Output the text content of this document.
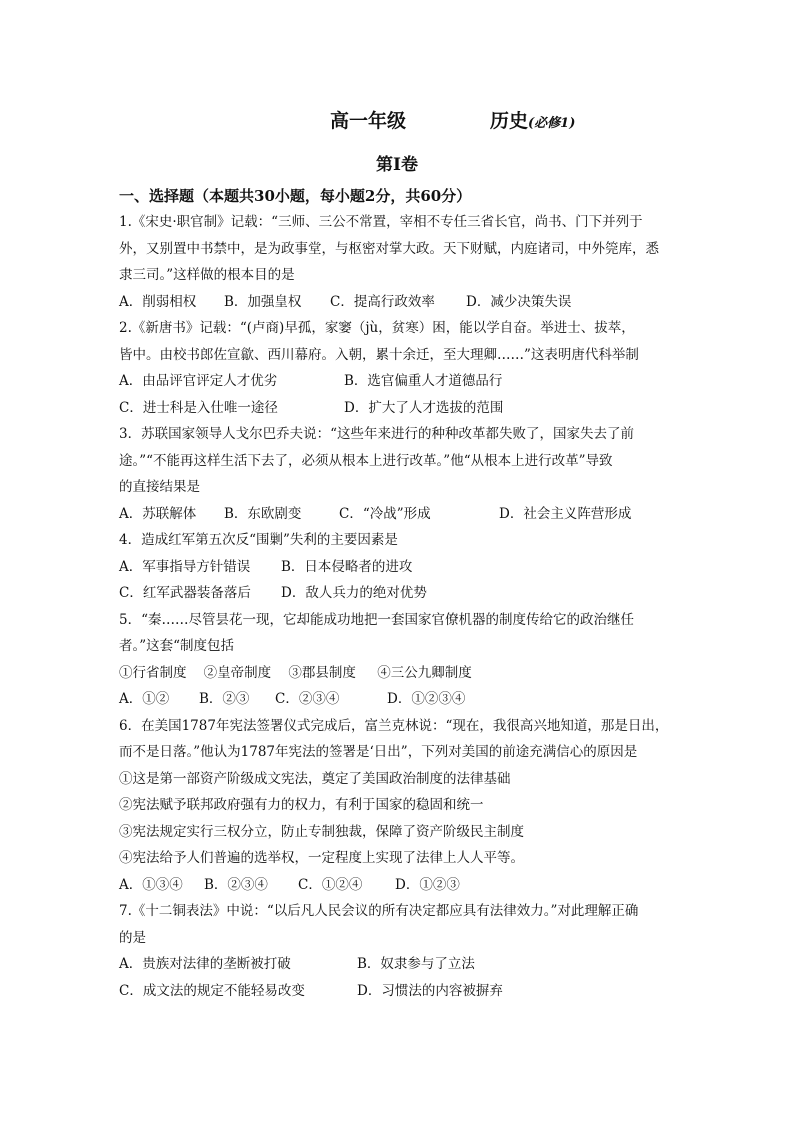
高一年级	历史(必修1)
第Ⅰ卷
一、选择题（本题共30小题，每小题2分，共60分）
1.《宋史·职官制》记载：“三师、三公不常置，宰相不专任三省长官，尚书、门下并列于
外，又别置中书禁中，是为政事堂，与枢密对掌大政。天下财赋，内庭诸司，中外筦库，悉
隶三司。”这样做的根本目的是
A．削弱相权 B．加强皇权 C．提高行政效率 D．减少决策失误
2.《新唐书》记载：“(卢商)早孤，家窭（jù，贫寒）困，能以学自奋。举进士、拔萃，
皆中。由校书郎佐宣歙、西川幕府。入朝，累十余迁，至大理卿……”这表明唐代科举制
A．由品评官评定人才优劣	B．选官偏重人才道德品行
C．进士科是入仕唯一途径	D．扩大了人才选拔的范围
3．苏联国家领导人戈尔巴乔夫说：“这些年来进行的种种改革都失败了，国家失去了前
途。”“不能再这样生活下去了，必须从根本上进行改革。”他“从根本上进行改革”导致
的直接结果是
A．苏联解体 B．东欧剧变	C．“冷战”形成	D．社会主义阵营形成
4．造成红军第五次反“围剿”失利的主要因素是
A．军事指导方针错误 B．日本侵略者的进攻
C．红军武器装备落后 D．敌人兵力的绝对优势
5．“秦……尽管昙花一现，它却能成功地把一套国家官僚机器的制度传给它的政治继任
者。”这套“制度包括
①行省制度    ②皇帝制度    ③郡县制度     ④三公九卿制度
A．①② B．②③ C．②③④	D．①②③④
6．在美国1787年宪法签署仪式完成后，富兰克林说：“现在，我很高兴地知道，那是日出，
而不是日落。”他认为1787年宪法的签署是‘日出”，下列对美国的前途充满信心的原因是
①这是第一部资产阶级成文宪法，奠定了美国政治制度的法律基础
②宪法赋予联邦政府强有力的权力，有利于国家的稳固和统一
③宪法规定实行三权分立，防止专制独裁，保障了资产阶级民主制度
④宪法给予人们普遍的选举权，一定程度上实现了法律上人人平等。
A．①③④ B．②③④ C．①②④ D．①②③
7.《十二铜表法》中说：“以后凡人民会议的所有决定都应具有法律效力。”对此理解正确
的是
A．贵族对法律的垄断被打破	B．奴隶参与了立法
C．成文法的规定不能轻易改变	D．习惯法的内容被摒弃
